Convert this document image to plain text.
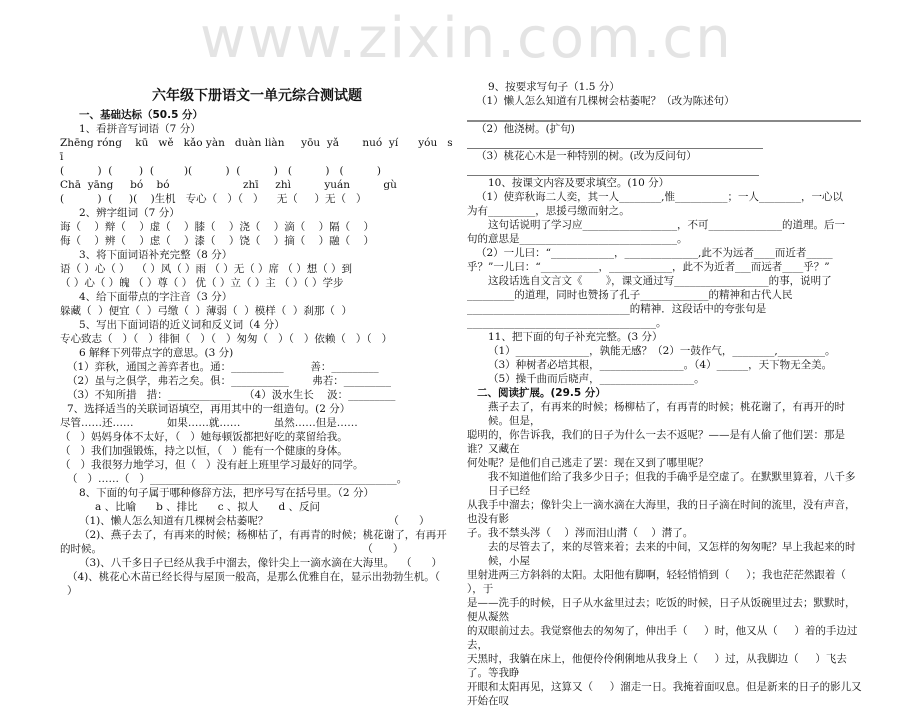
www.zixin.com.cn
六年级下册语文一单元综合测试题
一、基础达标（50.5 分）
1、看拼音写词语（7 分）
Zhēng róng    kū   wě   kǎo yàn   duàn liàn     yōu  yǎ       nuó  yí      yóu   sī
(          )  (        )  (         )(          )  (          )   (          )   (          )
Chā  yāng     bó    bó                      zhī     zhì          yuán          gù
(          )  (     )(    )生机   专心（   ）（   ）    无（     ）无（   ）
2、辨字组词（7 分）
诲（    ）辩（    ）虚（    ）膝（    ）浇（    ）滴（    ）隔（    ）
侮（    ）辨（    ）虑（    ）漆（    ）饶（    ）摘（    ）融（    ）
3、将下面词语补充完整（8 分）
语（ ）心（ ）  （ ）风（ ）雨 （ ）无（ ）席 （ ）想（ ）到
（ ）心（ ）魄 （ ）尊（ ） 优（ ）立（ ）主 （ ）（ ）学步
4、给下面带点的字注音（3 分）
躲藏（  ）便宜（  ）弓缴（  ）薄弱（  ）模样（  ）刹那（  ）
5、写出下面词语的近义词和反义词（4 分）
专心致志（   ）（   ）徘徊（   ）（   ）匆匆（   ）（   ）依赖（   ）（   ）
6 解释下列带点字的意思。(3 分)
（1）弈秋，通国之善弈者也。通：__________        善：_________
（2）虽与之俱学，弗若之矣。俱：___________       弗若：_________
（3）不知所措   措：____________    （4）汲水生长    汲：_________
7、选择适当的关联词语填空，再用其中的一组造句。(2 分）
尽管……还……          如果……就……          虽然……但是……
（   ）妈妈身体不太好，（   ）她每顿饭都把好吃的菜留给我。
（   ）我们加强锻炼，持之以恒，（   ）能有一个健康的身体。
（   ）我很努力地学习，但（   ）没有赶上班里学习最好的同学。
（   ）……（   ）_______________________________________________。
8、下面的句子属于哪种修辞方法，把序号写在括号里。（2 分）
a 、比喻      b 、排比      c 、拟人      d 、反问
（1)、懒人怎么知道有几棵树会枯萎呢？                                    （      ）
（2)、燕子去了，有再来的时候；杨柳枯了，有再青的时候；桃花谢了，有再开
的时候。                                                                              （      ）
（3)、八千多日子已经从我手中溜去，像针尖上一滴水滴在大海里。  （      ）
（4)、桃花心木苗已经长得与屋顶一般高，是那么优雅自在，显示出勃勃生机。（      ）
9、按要求写句子（1.5 分）
（1）懒人怎么知道有几棵树会枯萎呢？（改为陈述句）
（2）他浇树。(扩句)
（3）桃花心木是一种特别的树。(改为反问句）
10、按课文内容及要求填空。(10 分）
（1）使弈秋诲二人奕，其一人________,惟__________；一人________，一心以
为有_________，思援弓缴而射之。
这句话说明了学习应__________________，不可______________的道理。后一
句的意思是______________________________。
（2）一儿曰：“____________，______________,此不为远者____而近者_____
乎？”一儿曰：“___________，____________，此不为近者___而远者____乎？”
这段话选自文言文《       》，课文通过写__________________的事，说明了
_________的道理，同时也赞扬了孔子_____________的精神和古代人民
_______________________________的精神．这段话中的夸张句是
____________________________________。
11、把下面的句子补充完整。(3 分）
（1）______________，孰能无感？（2）一鼓作气，________,_________。
（3）种树者必培其根，________________。（4）______，天下物无全美。
（5）操千曲而后晓声，__________________。
二、阅读扩展。(29.5 分）
燕子去了，有再来的时候；杨柳枯了，有再青的时候；桃花谢了，有再开的时候。但是，
聪明的，你告诉我，我们的日子为什么一去不返呢？——是有人偷了他们罢：那是谁？又藏在
何处呢？是他们自己逃走了罢：现在又到了哪里呢？
我不知道他们给了我多少日子；但我的手确乎是空虚了。在默默里算着，八千多日子已经
从我手中溜去；像针尖上一滴水滴在大海里，我的日子滴在时间的流里，没有声音，也没有影
子。我不禁头涔（    ）涔而泪山潸（    ）潸了。
去的尽管去了，来的尽管来着；去来的中间，又怎样的匆匆呢？早上我起来的时候，小屋
里射进两三方斜斜的太阳。太阳他有脚啊，轻轻悄悄到（     ）；我也茫茫然跟着（     ），于
是——洗手的时候，日子从水盆里过去；吃饭的时候，日子从饭碗里过去；默默时，便从凝然
的双眼前过去。我觉察他去的匆匆了，伸出手（     ）时，他又从（     ）着的手边过去，
天黑时，我躺在床上，他便伶伶俐俐地从我身上（     ）过，从我脚边（     ）飞去了。等我睁
开眼和太阳再见，这算又（     ）溜走一日。我掩着面叹息。但是新来的日子的影儿又开始在叹
